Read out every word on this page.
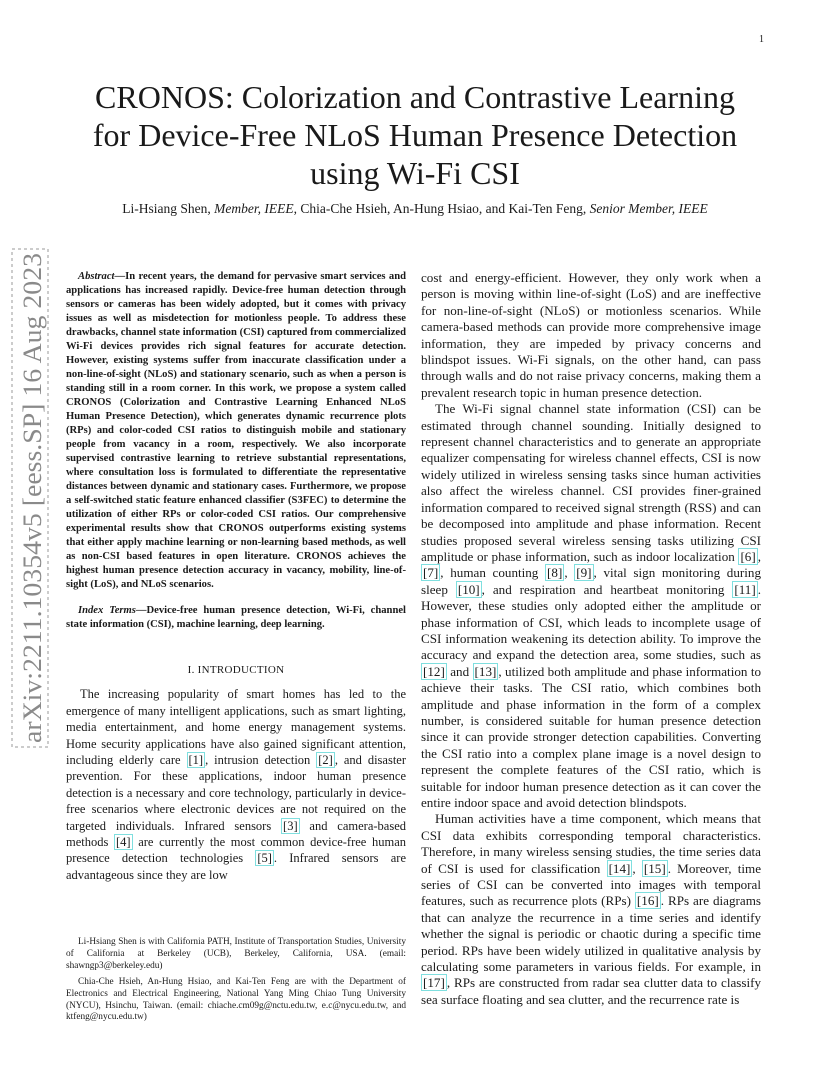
1
arXiv:2211.10354v5 [eess.SP] 16 Aug 2023
CRONOS: Colorization and Contrastive Learning
for Device-Free NLoS Human Presence Detection
using Wi-Fi CSI
Li-Hsiang Shen, Member, IEEE, Chia-Che Hsieh, An-Hung Hsiao, and Kai-Ten Feng, Senior Member, IEEE

Abstract—In recent years, the demand for pervasive smart services and applications has increased rapidly. Device-free human detection through sensors or cameras has been widely adopted, but it comes with privacy issues as well as misdetection for motionless people. To address these drawbacks, channel state information (CSI) captured from commercialized Wi-Fi devices provides rich signal features for accurate detection. However, existing systems suffer from inaccurate classification under a non-line-of-sight (NLoS) and stationary scenario, such as when a person is standing still in a room corner. In this work, we propose a system called CRONOS (Colorization and Contrastive Learning Enhanced NLoS Human Presence Detection), which generates dynamic recurrence plots (RPs) and color-coded CSI ratios to distinguish mobile and stationary people from vacancy in a room, respectively. We also incorporate supervised contrastive learning to retrieve substantial representations, where consultation loss is formulated to differentiate the representative distances between dynamic and stationary cases. Furthermore, we propose a self-switched static feature enhanced classifier (S3FEC) to determine the utilization of either RPs or color-coded CSI ratios. Our comprehensive experimental results show that CRONOS outperforms existing systems that either apply machine learning or non-learning based methods, as well as non-CSI based features in open literature. CRONOS achieves the highest human presence detection accuracy in vacancy, mobility, line-of-sight (LoS), and NLoS scenarios.

Index Terms—Device-free human presence detection, Wi-Fi, channel state information (CSI), machine learning, deep learning.

I. INTRODUCTION

The increasing popularity of smart homes has led to the emergence of many intelligent applications, such as smart lighting, media entertainment, and home energy management systems. Home security applications have also gained significant attention, including elderly care [1] , intrusion detection [2] , and disaster prevention. For these applications, indoor human presence detection is a necessary and core technology, particularly in device-free scenarios where electronic devices are not required on the targeted individuals. Infrared sensors [3] and camera-based methods [4] are currently the most common device-free human presence detection technologies [5] . Infrared sensors are advantageous since they are low

Li-Hsiang Shen is with California PATH, Institute of Transportation Studies, University of California at Berkeley (UCB), Berkeley, California, USA. (email: shawngp3@berkeley.edu)

Chia-Che Hsieh, An-Hung Hsiao, and Kai-Ten Feng are with the Department of Electronics and Electrical Engineering, National Yang Ming Chiao Tung University (NYCU), Hsinchu, Taiwan. (email: chiache.cm09g@nctu.edu.tw, e.c@nycu.edu.tw, and ktfeng@nycu.edu.tw)

cost and energy-efficient. However, they only work when a person is moving within line-of-sight (LoS) and are ineffective for non-line-of-sight (NLoS) or motionless scenarios. While camera-based methods can provide more comprehensive image information, they are impeded by privacy concerns and blindspot issues. Wi-Fi signals, on the other hand, can pass through walls and do not raise privacy concerns, making them a prevalent research topic in human presence detection.

The Wi-Fi signal channel state information (CSI) can be estimated through channel sounding. Initially designed to represent channel characteristics and to generate an appropriate equalizer compensating for wireless channel effects, CSI is now widely utilized in wireless sensing tasks since human activities also affect the wireless channel. CSI provides finer-grained information compared to received signal strength (RSS) and can be decomposed into amplitude and phase information. Recent studies proposed several wireless sensing tasks utilizing CSI amplitude or phase information, such as indoor localization [6] , [7] , human counting [8] , [9] , vital sign monitoring during sleep [10] , and respiration and heartbeat monitoring [11] . However, these studies only adopted either the amplitude or phase information of CSI, which leads to incomplete usage of CSI information weakening its detection ability. To improve the accuracy and expand the detection area, some studies, such as [12] and [13] , utilized both amplitude and phase information to achieve their tasks. The CSI ratio, which combines both amplitude and phase information in the form of a complex number, is considered suitable for human presence detection since it can provide stronger detection capabilities. Converting the CSI ratio into a complex plane image is a novel design to represent the complete features of the CSI ratio, which is suitable for indoor human presence detection as it can cover the entire indoor space and avoid detection blindspots.

Human activities have a time component, which means that CSI data exhibits corresponding temporal characteristics. Therefore, in many wireless sensing studies, the time series data of CSI is used for classification [14] , [15] . Moreover, time series of CSI can be converted into images with temporal features, such as recurrence plots (RPs) [16] . RPs are diagrams that can analyze the recurrence in a time series and identify whether the signal is periodic or chaotic during a specific time period. RPs have been widely utilized in qualitative analysis by calculating some parameters in various fields. For example, in [17] , RPs are constructed from radar sea clutter data to classify sea surface floating and sea clutter, and the recurrence rate is
